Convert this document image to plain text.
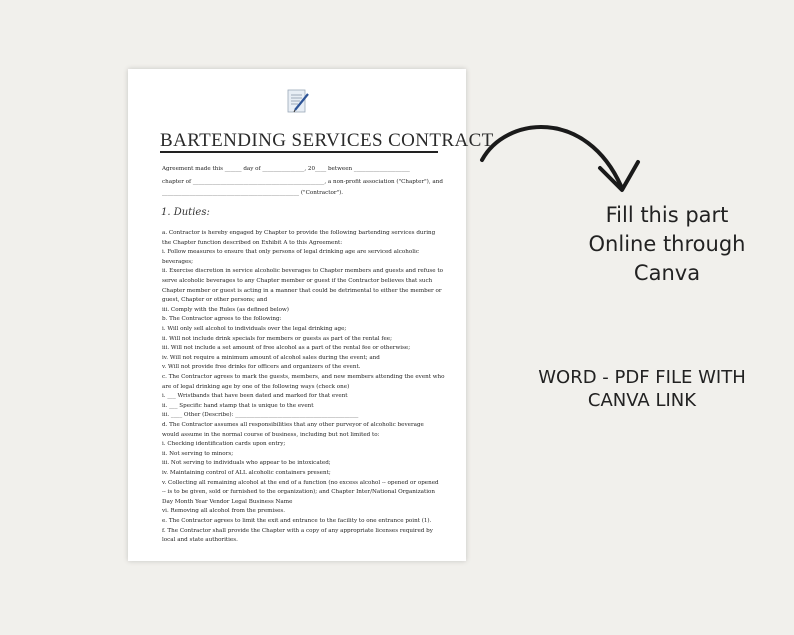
BARTENDING SERVICES CONTRACT
Agreement made this ______ day of _______________, 20____ between ____________________
chapter of _______________________________________________, a non-profit association ("Chapter"), and
_________________________________________________ ("Contractor").
1. Duties:
a. Contractor is hereby engaged by Chapter to provide the following bartending services during
the Chapter function described on Exhibit A to this Agreement:
i. Follow measures to ensure that only persons of legal drinking age are serviced alcoholic
beverages;
ii. Exercise discretion in service alcoholic beverages to Chapter members and guests and refuse to
serve alcoholic beverages to any Chapter member or guest if the Contractor believes that such
Chapter member or guest is acting in a manner that could be detrimental to either the member or
guest, Chapter or other persons; and
iii. Comply with the Rules (as defined below)
b. The Contractor agrees to the following:
i. Will only sell alcohol to individuals over the legal drinking age;
ii. Will not include drink specials for members or guests as part of the rental fee;
iii. Will not include a set amount of free alcohol as a part of the rental fee or otherwise;
iv. Will not require a minimum amount of alcohol sales during the event; and
v. Will not provide free drinks for officers and organizers of the event.
c. The Contractor agrees to mark the guests, members, and new members attending the event who
are of legal drinking age by one of the following ways (check one)
i. ___ Wristbands that have been dated and marked for that event
ii. ___ Specific hand stamp that is unique to the event
iii. ____ Other (Describe): ____________________________________________
d. The Contractor assumes all responsibilities that any other purveyor of alcoholic beverage
would assume in the normal course of business, including but not limited to:
i. Checking identification cards upon entry;
ii. Not serving to minors;
iii. Not serving to individuals who appear to be intoxicated;
iv. Maintaining control of ALL alcoholic containers present;
v. Collecting all remaining alcohol at the end of a function (no excess alcohol -- opened or opened
-- is to be given, sold or furnished to the organization); and Chapter Inter/National Organization
Day Month Year Vendor Legal Business Name
vi. Removing all alcohol from the premises.
e. The Contractor agrees to limit the exit and entrance to the facility to one entrance point (1).
f. The Contractor shall provide the Chapter with a copy of any appropriate licenses required by
local and state authorities.
Fill this part
Online through
Canva
WORD - PDF FILE WITH
CANVA LINK
